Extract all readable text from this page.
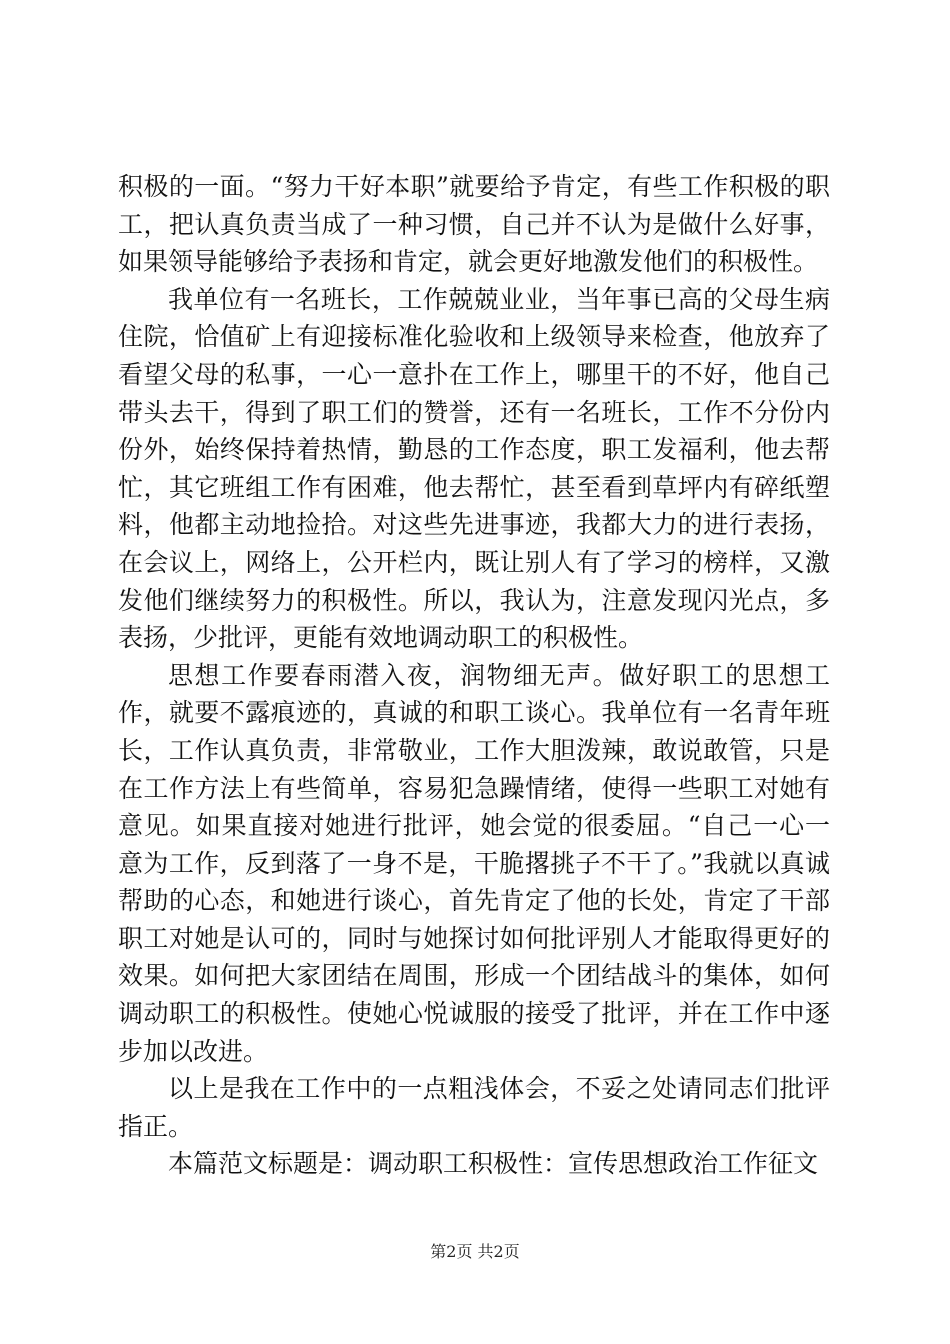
积极的一面。“努力干好本职”就要给予肯定，有些工作积极的职工，把认真负责当成了一种习惯，自己并不认为是做什么好事，如果领导能够给予表扬和肯定，就会更好地激发他们的积极性。

我单位有一名班长，工作兢兢业业，当年事已高的父母生病住院，恰值矿上有迎接标准化验收和上级领导来检查，他放弃了看望父母的私事，一心一意扑在工作上，哪里干的不好，他自己带头去干，得到了职工们的赞誉，还有一名班长，工作不分份内份外，始终保持着热情，勤恳的工作态度，职工发福利，他去帮忙，其它班组工作有困难，他去帮忙，甚至看到草坪内有碎纸塑料，他都主动地捡拾。对这些先进事迹，我都大力的进行表扬，在会议上，网络上，公开栏内，既让别人有了学习的榜样，又激发他们继续努力的积极性。所以，我认为，注意发现闪光点，多表扬，少批评，更能有效地调动职工的积极性。

思想工作要春雨潜入夜，润物细无声。做好职工的思想工作，就要不露痕迹的，真诚的和职工谈心。我单位有一名青年班长，工作认真负责，非常敬业，工作大胆泼辣，敢说敢管，只是在工作方法上有些简单，容易犯急躁情绪，使得一些职工对她有意见。如果直接对她进行批评，她会觉的很委屈。“自己一心一意为工作，反到落了一身不是，干脆撂挑子不干了。”我就以真诚帮助的心态，和她进行谈心，首先肯定了他的长处，肯定了干部职工对她是认可的，同时与她探讨如何批评别人才能取得更好的效果。如何把大家团结在周围，形成一个团结战斗的集体，如何调动职工的积极性。使她心悦诚服的接受了批评，并在工作中逐步加以改进。

以上是我在工作中的一点粗浅体会，不妥之处请同志们批评指正。

本篇范文标题是：调动职工积极性：宣传思想政治工作征文

第2页 共2页
